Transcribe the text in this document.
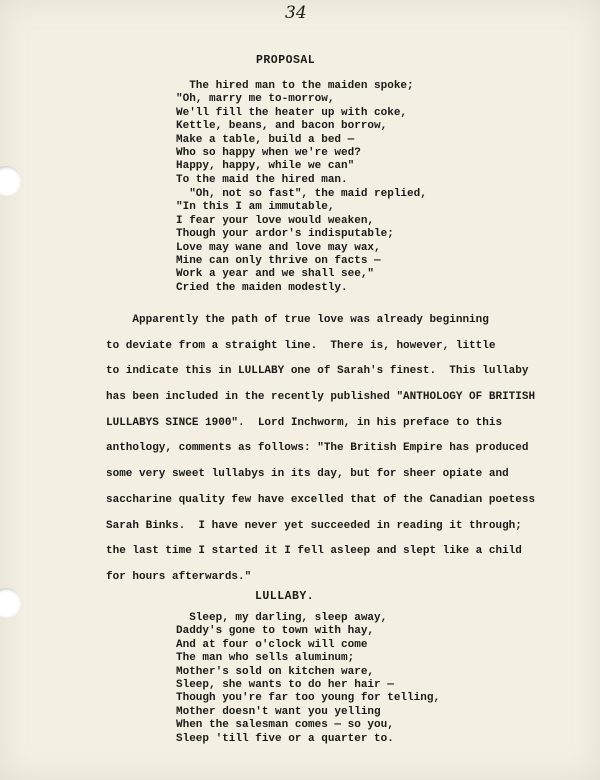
34
PROPOSAL
The hired man to the maiden spoke;
"Oh, marry me to-morrow,
We'll fill the heater up with coke,
Kettle, beans, and bacon borrow,
Make a table, build a bed —
Who so happy when we're wed?
Happy, happy, while we can"
To the maid the hired man.
"Oh, not so fast", the maid replied,
"In this I am immutable,
I fear your love would weaken,
Though your ardor's indisputable;
Love may wane and love may wax,
Mine can only thrive on facts —
Work a year and we shall see,"
Cried the maiden modestly.
Apparently the path of true love was already beginning
to deviate from a straight line.  There is, however, little
to indicate this in LULLABY one of Sarah's finest.  This lullaby
has been included in the recently published "ANTHOLOGY OF BRITISH
LULLABYS SINCE 1900".  Lord Inchworm, in his preface to this
anthology, comments as follows: "The British Empire has produced
some very sweet lullabys in its day, but for sheer opiate and
saccharine quality few have excelled that of the Canadian poetess
Sarah Binks.  I have never yet succeeded in reading it through;
the last time I started it I fell asleep and slept like a child
for hours afterwards."
LULLABY.
Sleep, my darling, sleep away,
Daddy's gone to town with hay,
And at four o'clock will come
The man who sells aluminum;
Mother's sold on kitchen ware,
Sleep, she wants to do her hair —
Though you're far too young for telling,
Mother doesn't want you yelling
When the salesman comes — so you,
Sleep 'till five or a quarter to.
